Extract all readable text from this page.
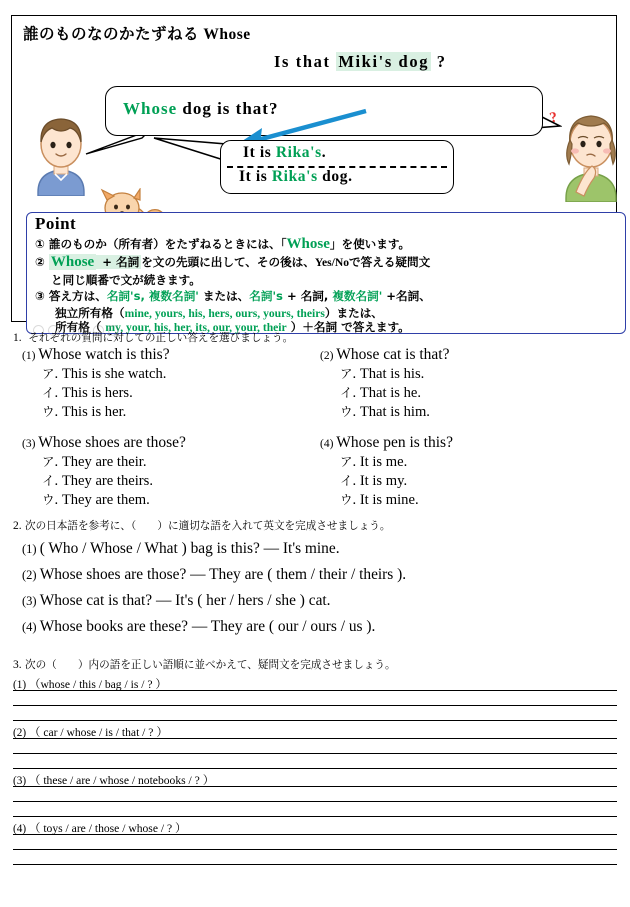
誰のものなのかたずねる Whose
Is that Miki's dog ?
?
Whose dog is that?
It is Rika's.
It is Rika's dog.
Point
① 誰のものか（所有者）をたずねるときには、「Whose」を使います。
② Whose + 名詞 を文の先頭に出して、その後は、Yes/Noで答える疑問文
と同じ順番で文が続きます。
③ 答え方は、名詞's, 複数名詞' または、名詞's + 名詞, 複数名詞' +名詞、
独立所有格（mine, yours, his, hers, ours, yours, theirs）または、
所有格（ my, your, his, her, its, our, your, their ）＋名詞 で答えます。
1. それぞれの質問に対しての正しい答えを選びましょう。
(1) Whose watch is this?
ア. This is she watch.
イ. This is hers.
ウ. This is her.
(2) Whose cat is that?
ア. That is his.
イ. That is he.
ウ. That is him.
(3) Whose shoes are those?
ア. They are their.
イ. They are theirs.
ウ. They are them.
(4) Whose pen is this?
ア. It is me.
イ. It is my.
ウ. It is mine.
2. 次の日本語を参考に、（　　）に適切な語を入れて英文を完成させましょう。
(1) ( Who / Whose / What ) bag is this? ― It's mine.
(2) Whose shoes are those? ― They are ( them / their / theirs ).
(3) Whose cat is that? ― It's ( her / hers / she ) cat.
(4) Whose books are these? ― They are ( our / ours / us ).
3. 次の（　　）内の語を正しい語順に並べかえて、疑問文を完成させましょう。
(1) （whose / this / bag / is / ? ）
(2) （ car / whose / is / that / ? ）
(3) （ these / are / whose / notebooks / ? ）
(4) （ toys / are / those / whose / ? ）
